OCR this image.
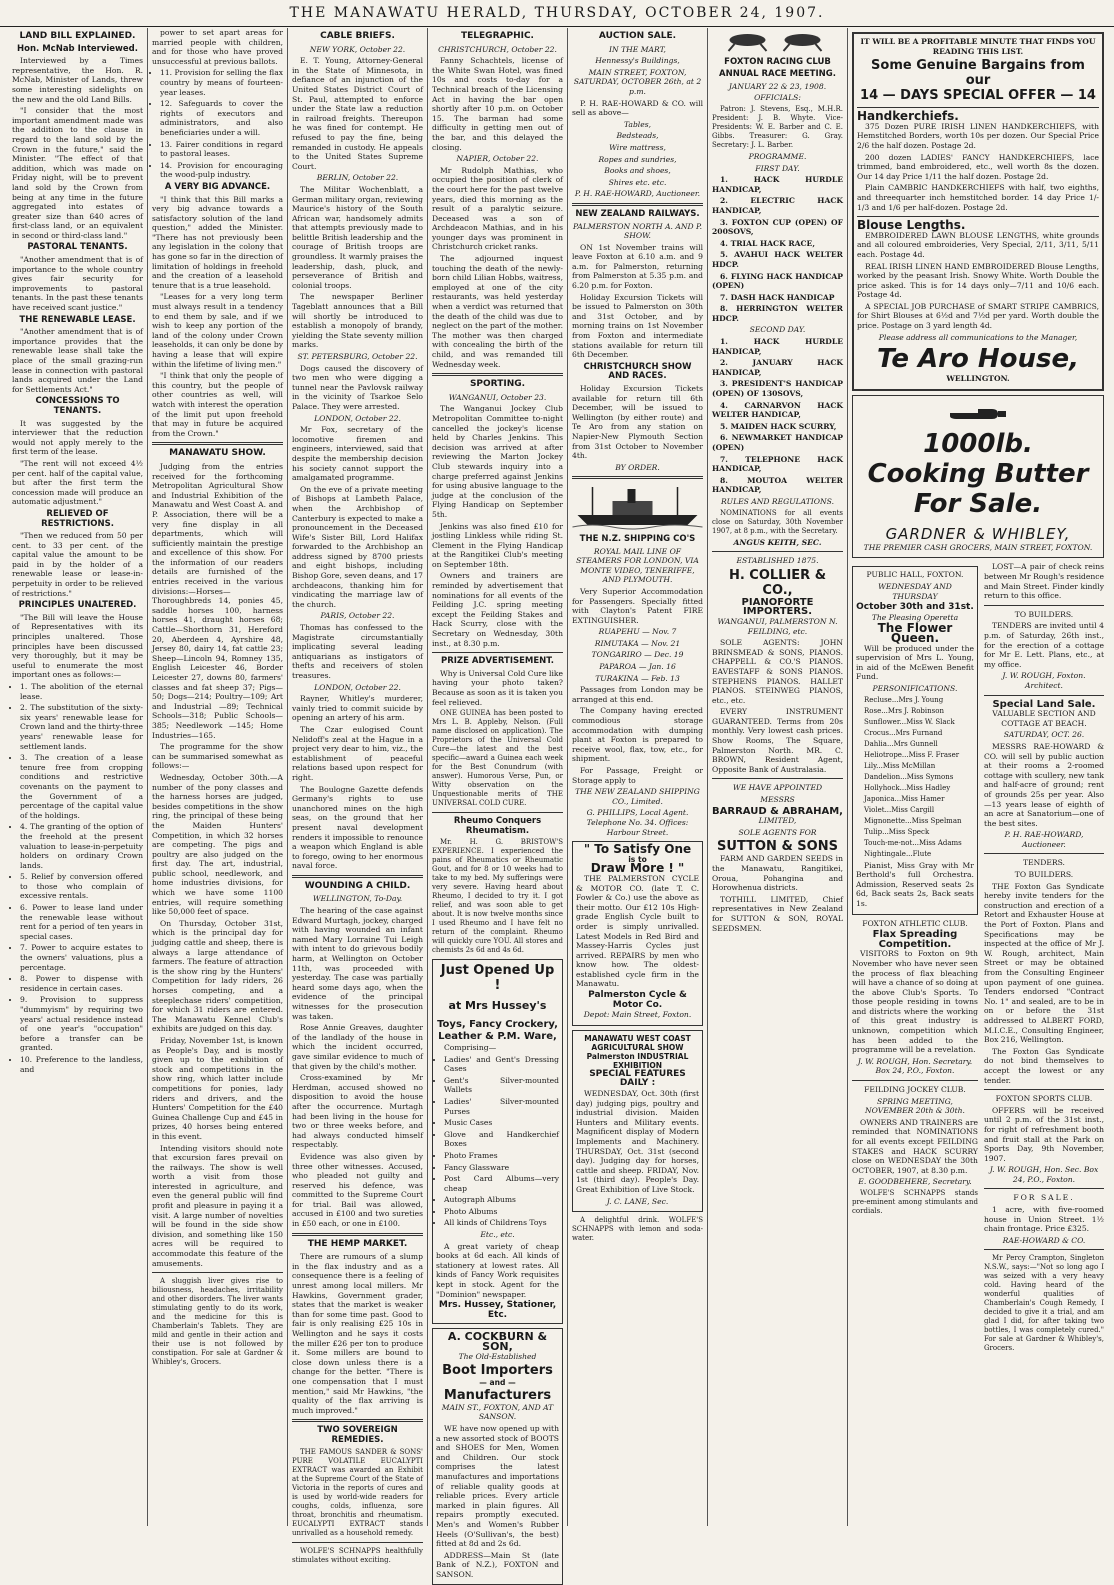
THE MANAWATU HERALD, THURSDAY, OCTOBER 24, 1907.
LAND BILL EXPLAINED.
Hon. McNab Interviewed.

Interviewed by a Times representative, the Hon. R. McNab, Minister of Lands, threw some interesting sidelights on the new and the old Land Bills.

"I consider that the most important amendment made was the addition to the clause in regard to the land sold by the Crown in the future," said the Minister. "The effect of that addition, which was made on Friday night, will be to prevent land sold by the Crown from being at any time in the future aggregated into estates of greater size than 640 acres of first-class land, or an equivalent in second or third-class land."

PASTORAL TENANTS.

"Another amendment that is of importance to the whole country gives fair security for improvements to pastoral tenants. In the past these tenants have received scant justice."

THE RENEWABLE LEASE.

"Another amendment that is of importance provides that the renewable lease shall take the place of the small grazing-run lease in connection with pastoral lands acquired under the Land for Settlements Act."

CONCESSIONS TO TENANTS.

It was suggested by the interviewer that the reduction would not apply merely to the first term of the lease.

"The rent will not exceed 4½ per cent. half of the capital value, but after the first term the concession made will produce an automatic adjustment."

RELIEVED OF RESTRICTIONS.

"Then we reduced from 50 per cent. to 33 per cent. of the capital value the amount to be paid in by the holder of a renewable lease or lease-in-perpetuity in order to be relieved of restrictions."

PRINCIPLES UNALTERED.

"The Bill will leave the House of Representatives with its principles unaltered. Those principles have been discussed very thoroughly, but it may be useful to enumerate the most important ones as follows:—

• 1. The abolition of the eternal lease.
• 2. The substitution of the sixty-six years' renewable lease for Crown land and the thirty-three years' renewable lease for settlement lands.
• 3. The creation of a lease tenure free from cropping conditions and restrictive covenants on the payment to the Government of a percentage of the capital value of the holdings.
• 4. The granting of the option of the freehold at the present valuation to lease-in-perpetuity holders on ordinary Crown lands.
• 5. Relief by conversion offered to those who complain of excessive rentals.
• 6. Power to lease land under the renewable lease without rent for a period of ten years in special cases.
• 7. Power to acquire estates to the owners' valuations, plus a percentage.
• 8. Power to dispense with residence in certain cases.
• 9. Provision to suppress "dummyism" by requiring two years' actual residence instead of one year's "occupation" before a transfer can be granted.
• 10. Preference to the landless, and

power to set apart areas for married people with children, and for those who have proved unsuccessful at previous ballots.

• 11. Provision for selling the flax country by means of fourteen-year leases.
• 12. Safeguards to cover the rights of executors and administrators, and also beneficiaries under a will.
• 13. Fairer conditions in regard to pastoral leases.
• 14. Provision for encouraging the wood-pulp industry.
A VERY BIG ADVANCE.

"I think that this Bill marks a very big advance towards a satisfactory solution of the land question," added the Minister. "There has not previously been any legislation in the colony that has gone so far in the direction of limitation of holdings in freehold and the creation of a leasehold tenure that is a true leasehold.

"Leases for a very long term must always result in a tendency to end them by sale, and if we wish to keep any portion of the land of the colony under Crown leaseholds, it can only be done by having a lease that will expire within the lifetime of living men."

"I think that only the people of this country, but the people of other countries as well, will watch with interest the operation of the limit put upon freehold that may in future be acquired from the Crown."

MANAWATU SHOW.

Judging from the entries received for the forthcoming Metropolitan Agricultural Show and Industrial Exhibition of the Manawatu and West Coast A. and P. Association, there will be a very fine display in all departments, which will sufficiently maintain the prestige and excellence of this show. For the information of our readers details are furnished of the entries received in the various divisions:—Horses—Thoroughbreds 14, ponies 45, saddle horses 100, harness horses 41, draught horses 68; Cattle—Shorthorn 31, Hereford 20, Aberdeen 4, Ayrshire 48, Jersey 80, dairy 14, fat cattle 23; Sheep—Lincoln 94, Romney 135, English Leicester 46, Border Leicester 27, downs 80, farmers' classes and fat sheep 37; Pigs—50; Dogs—214; Poultry—109; Art and Industrial —89; Technical Schools—318; Public Schools—385; Needlework —145; Home Industries—165.

The programme for the show can be summarised somewhat as follows:—

Wednesday, October 30th.—A number of the pony classes and the harness horses are judged, besides competitions in the show ring, the principal of these being the Maiden Hunters' Competition, in which 32 horses are competing. The pigs and poultry are also judged on the first day. The art, industrial, public school, needlework, and home industries divisions, for which we have some 1100 entries, will require something like 50,000 feet of space.

On Thursday, October 31st, which is the principal day for judging cattle and sheep, there is always a large attendance of farmers. The feature of attraction is the show ring by the Hunters' Competition for lady riders, 26 horses competing, and a steeplechase riders' competition, for which 31 riders are entered. The Manawatu Kennel Club's exhibits are judged on this day.

Friday, November 1st, is known as People's Day, and is mostly given up to the exhibition of stock and competitions in the show ring, which latter include competitions for ponies, lady riders and drivers, and the Hunters' Competition for the £40 Guinea Challenge Cup and £45 in prizes, 40 horses being entered in this event.

Intending visitors should note that excursion fares prevail on the railways. The show is well worth a visit from those interested in agriculture, and even the general public will find profit and pleasure in paying it a visit. A large number of novelties will be found in the side show division, and something like 150 acres will be required to accommodate this feature of the amusements.

A sluggish liver gives rise to biliousness, headaches, irritability and other disorders. The liver wants stimulating gently to do its work, and the medicine for this is Chamberlain's Tablets. They are mild and gentle in their action and their use is not followed by constipation. For sale at Gardner & Whibley's, Grocers.

CABLE BRIEFS.

NEW YORK, October 22.

E. T. Young, Attorney-General in the State of Minnesota, in defiance of an injunction of the United States District Court of St. Paul, attempted to enforce under the State law a reduction in railroad freights. Thereupon he was fined for contempt. He refused to pay the fine, being remanded in custody. He appeals to the United States Supreme Court.

BERLIN, October 22.

The Militar Wochenblatt, a German military organ, reviewing Maurice's history of the South African war, handsomely admits that attempts previously made to belittle British leadership and the courage of British troops are groundless. It warmly praises the leadership, dash, pluck, and perseverance of British and colonial troops.

The newspaper Berliner Tageblatt announces that a Bill will shortly be introduced to establish a monopoly of brandy, yielding the State seventy million marks.

ST. PETERSBURG, October 22.

Dogs caused the discovery of two men who were digging a tunnel near the Pavlovsk railway in the vicinity of Tsarkoe Selo Palace. They were arrested.

LONDON, October 22.

Mr Fox, secretary of the locomotive firemen and engineers, interviewed, said that despite the membership decision his society cannot support the amalgamated programme.

On the eve of a private meeting of Bishops at Lambeth Palace, when the Archbishop of Canterbury is expected to make a pronouncement in the Deceased Wife's Sister Bill, Lord Halifax forwarded to the Archbishop an address signed by 8700 priests and eight bishops, including Bishop Gore, seven deans, and 17 archdeacons, thanking him for vindicating the marriage law of the church.

PARIS, October 22.

Thomas has confessed to the Magistrate circumstantially implicating several leading antiquarians as instigators of thefts and receivers of stolen treasures.

LONDON, October 22.

Rayner, Whitley's murderer, vainly tried to commit suicide by opening an artery of his arm.

The Czar eulogised Count Nelidoff's zeal at the Hague in a project very dear to him, viz., the establishment of peaceful relations based upon respect for right.

The Boulogne Gazette defends Germany's rights to use unanchored mines on the high seas, on the ground that her present naval development renders it impossible to renounce a weapon which England is able to forego, owing to her enormous naval force.

WOUNDING A CHILD.

WELLINGTON, To-Day.

The hearing of the case against Edward Murtagh, jockey, charged with having wounded an infant named Mary Lorraine Tui Leigh with intent to do grievous bodily harm, at Wellington on October 11th, was proceeded with yesterday. The case was partially heard some days ago, when the evidence of the principal witnesses for the prosecution was taken.

Rose Annie Greaves, daughter of the landlady of the house in which the incident occurred, gave similar evidence to much of that given by the child's mother.

Cross-examined by Mr Herdman, accused showed no disposition to avoid the house after the occurrence. Murtagh had been living in the house for two or three weeks before, and had always conducted himself respectably.

Evidence was also given by three other witnesses. Accused, who pleaded not guilty and reserved his defence, was committed to the Supreme Court for trial. Bail was allowed, accused in £100 and two sureties in £50 each, or one in £100.

THE HEMP MARKET.

There are rumours of a slump in the flax industry and as a consequence there is a feeling of unrest among local millers. Mr Hawkins, Government grader, states that the market is weaker than for some time past. Good to fair is only realising £25 10s in Wellington and he says it costs the miller £26 per ton to produce it. Some millers are bound to close down unless there is a change for the better. "There is one compensation that I must mention," said Mr Hawkins, "the quality of the flax arriving is much improved."

TWO SOVEREIGN REMEDIES.

THE FAMOUS SANDER & SONS' PURE VOLATILE EUCALYPTI EXTRACT was awarded an Exhibit at the Supreme Court of the State of Victoria in the reports of cures and is used by world-wide readers for coughs, colds, influenza, sore throat, bronchitis and rheumatism. EUCALYPTI EXTRACT stands unrivalled as a household remedy.

WOLFE'S SCHNAPPS healthfully stimulates without exciting.

TELEGRAPHIC.

CHRISTCHURCH, October 22.

Fanny Schachtels, license of the White Swan Hotel, was fined 10s and costs to-day for a Technical breach of the Licensing Act in having the bar open shortly after 10 p.m. on October 15. The barman had some difficulty in getting men out of the bar, and this delayed the closing.

NAPIER, October 22.

Mr Rudolph Mathias, who occupied the position of clerk of the court here for the past twelve years, died this morning as the result of a paralytic seizure. Deceased was a son of Archdeacon Mathias, and in his younger days was prominent in Christchurch cricket ranks.

The adjourned inquest touching the death of the newly-born child Lilian Hobbs, waitress, employed at one of the city restaurants, was held yesterday when a verdict was returned that the death of the child was due to neglect on the part of the mother. The mother was then charged with concealing the birth of the child, and was remanded till Wednesday week.

SPORTING.

WANGANUI, October 23.

The Wanganui Jockey Club Metropolitan Committee to-night cancelled the jockey's license held by Charles Jenkins. This decision was arrived at after reviewing the Marton Jockey Club stewards inquiry into a charge preferred against Jenkins for using abusive language to the judge at the conclusion of the Flying Handicap on September 5th.

Jenkins was also fined £10 for jostling Linkless while riding St. Clement in the Flying Handicap at the Rangitikei Club's meeting on September 18th.

Owners and trainers are reminded by advertisement that nominations for all events of the Feilding J.C. spring meeting except the Feilding Stakes and Hack Scurry, close with the Secretary on Wednesday, 30th inst., at 8.30 p.m.

PRIZE ADVERTISEMENT.

Why is Universal Cold Cure like having your photo taken? Because as soon as it is taken you feel relieved.

ONE GUINEA has been posted to Mrs L. B. Appleby, Nelson. (Full name disclosed on application). The Proprietors of the Universal Cold Cure—the latest and the best specific—award a Guinea each week for the Best Conundrum (with answer). Humorous Verse, Pun, or Witty observation on the Unquestionable merits of THE UNIVERSAL COLD CURE.

Rheumo Conquers Rheumatism.

Mr. H. G. BRISTOW'S EXPERIENCE. I experienced the pains of Rheumatics or Rheumatic Gout, and for 8 or 10 weeks had to take to my bed. My sufferings were very severe. Having heard about Rheumo, I decided to try it. I got relief, and was soon able to get about. It is now twelve months since I used Rheumo and I have felt no return of the complaint. Rheumo will quickly cure YOU. All stores and chemists 2s 6d and 4s 6d.

Just Opened Up !
at Mrs Hussey's
Toys, Fancy Crockery, Leather & P.M. Ware,

Comprising—

• Ladies' and Gent's Dressing Cases
• Gent's Silver-mounted Wallets
• Ladies' Silver-mounted Purses
• Music Cases
• Glove and Handkerchief Boxes
• Photo Frames
• Fancy Glassware
• Post Card Albums—very cheap
• Autograph Albums
• Photo Albums
• All kinds of Childrens Toys

Etc., etc.

A great variety of cheap books at 6d each. All kinds of stationery at lowest rates. All kinds of Fancy Work requisites kept in stock. Agent for the "Dominion" newspaper.

Mrs. Hussey, Stationer, Etc.
A. COCKBURN & SON,

The Old-Established

Boot Importers
— and —
Manufacturers

MAIN ST., FOXTON, AND AT SANSON.

WE have now opened up with a new assorted stock of BOOTS and SHOES for Men, Women and Children. Our stock comprises the latest manufactures and importations of reliable quality goods at reliable prices. Every article marked in plain figures. All repairs promptly executed. Men's and Women's Rubber Heels (O'Sullivan's, the best) fitted at 8d and 2s 6d.

ADDRESS—Main St (late Bank of N.Z.), FOXTON and SANSON.

AUCTION SALE.

IN THE MART,

Hennessy's Buildings,

MAIN STREET, FOXTON, SATURDAY, OCTOBER 26th, at 2 p.m.

P. H. RAE-HOWARD & CO. will sell as above—

Tables,

Bedsteads,

Wire mattress,

Ropes and sundries,

Books and shoes,

Shires etc. etc.

P. H. RAE-HOWARD, Auctioneer.

NEW ZEALAND RAILWAYS.

PALMERSTON NORTH A. AND P. SHOW.

ON 1st November trains will leave Foxton at 6.10 a.m. and 9 a.m. for Palmerston, returning from Palmerston at 5.35 p.m. and 6.20 p.m. for Foxton.

Holiday Excursion Tickets will be issued to Palmerston on 30th and 31st October, and by morning trains on 1st November from Foxton and intermediate stations available for return till 6th December.

CHRISTCHURCH SHOW AND RACES.

Holiday Excursion Tickets available for return till 6th December, will be issued to Wellington (by either route) and Te Aro from any station on Napier-New Plymouth Section from 31st October to November 4th.

BY ORDER.

THE N.Z. SHIPPING CO'S

ROYAL MAIL LINE OF STEAMERS FOR LONDON, VIA MONTE VIDEO, TENERIFFE, AND PLYMOUTH.

Very Superior Accommodation for Passengers. Specially fitted with Clayton's Patent FIRE EXTINGUISHER.

RUAPEHU — Nov. 7

RIMUTAKA — Nov. 21

TONGARIRO — Dec. 19

PAPAROA — Jan. 16

TURAKINA — Feb. 13

Passages from London may be arranged at this end.

The Company having erected commodious storage accommodation with dumping plant at Foxton is prepared to receive wool, flax, tow, etc., for shipment.

For Passage, Freight or Storage apply to

THE NEW ZEALAND SHIPPING CO., Limited.

G. PHILLIPS, Local Agent. Telephone No. 34. Offices: Harbour Street.

" To Satisfy One
is to
Draw More ! "

THE PALMERSTON CYCLE & MOTOR CO. (late T. C. Fowler & Co.) use the above as their motto. Our £12 10s High-grade English Cycle built to order is simply unrivalled. Latest Models in Red Bird and Massey-Harris Cycles just arrived. REPAIRS by men who know how. The oldest-established cycle firm in the Manawatu.

Palmerston Cycle & Motor Co.

Depot: Main Street, Foxton.

MANAWATU WEST COAST AGRICULTURAL SHOW Palmerston INDUSTRIAL EXHIBITION
SPECIAL FEATURES DAILY :

WEDNESDAY, Oct. 30th (first day) judging pigs, poultry and industrial division. Maiden Hunters and Military events. Magnificent display of Modern Implements and Machinery. THURSDAY, Oct. 31st (second day). Judging day for horses, cattle and sheep. FRIDAY, Nov. 1st (third day). People's Day. Great Exhibition of Live Stock.

J. C. LANE, Sec.

A delightful drink. WOLFE'S SCHNAPPS with lemon and soda-water.

FOXTON RACING CLUB
ANNUAL RACE MEETING.

JANUARY 22 & 23, 1908.

OFFICIALS:

Patron: J. Stevens, Esq., M.H.R. President: J. B. Whyte. Vice-Presidents: W. E. Barber and C. E. Gibbs. Treasurer: G. Gray. Secretary: J. L. Barber.

PROGRAMME.

FIRST DAY.

1. HACK HURDLE HANDICAP,

2. ELECTRIC HACK HANDICAP,

3. FOXTON CUP (OPEN) OF 200SOVS,

4. TRIAL HACK RACE,

5. AVAHUI HACK WELTER HDCP.

6. FLYING HACK HANDICAP (OPEN)

7. DASH HACK HANDICAP

8. HERRINGTON WELTER HDCP.

SECOND DAY.

1. HACK HURDLE HANDICAP,

2. JANUARY HACK HANDICAP,

3. PRESIDENT'S HANDICAP (OPEN) OF 130SOVS,

4. CARNARVON HACK WELTER HANDICAP,

5. MAIDEN HACK SCURRY,

6. NEWMARKET HANDICAP (OPEN)

7. TELEPHONE HACK HANDICAP,

8. MOUTOA WELTER HANDICAP,

RULES AND REGULATIONS.

NOMINATIONS for all events close on Saturday, 30th November 1907, at 8 p.m., with the Secretary.

ANGUS KEITH, SEC.

ESTABLISHED 1875.

H. COLLIER & CO.,
PIANOFORTE IMPORTERS.

WANGANUI, PALMERSTON N. FEILDING, etc.

SOLE AGENTS: JOHN BRINSMEAD & SONS, PIANOS. CHAPPELL & CO.'S PIANOS. EAVESTAFF & SONS PIANOS. STEPHENS PIANOS. HALLET PIANOS. STEINWEG PIANOS, etc., etc.

EVERY INSTRUMENT GUARANTEED. Terms from 20s monthly. Very lowest cash prices. Show Rooms, The Square, Palmerston North. MR. C. BROWN, Resident Agent, Opposite Bank of Australasia.

WE HAVE APPOINTED

MESSRS

BARRAUD & ABRAHAM,

LIMITED,

SOLE AGENTS FOR

SUTTON & SONS

FARM AND GARDEN SEEDS in the Manawatu, Rangitikei, Oroua, Pohangina and Horowhenua districts.

TOTHILL LIMITED, Chief representatives in New Zealand for SUTTON & SON, ROYAL SEEDSMEN.

IT WILL BE A PROFITABLE MINUTE THAT FINDS YOU READING THIS LIST.

Some Genuine Bargains from our
14 — DAYS SPECIAL OFFER — 14
Handkerchiefs.

375 Dozen PURE IRISH LINEN HANDKERCHIEFS, with Hemstitched Borders, worth 10s per dozen. Our Special Price 2/6 the half dozen. Postage 2d.

200 dozen LADIES' FANCY HANDKERCHIEFS, lace trimmed, band embroidered, etc., well worth 8s the dozen. Our 14 day Price 1/11 the half dozen. Postage 2d.

Plain CAMBRIC HANDKERCHIEFS with half, two eighths, and threequarter inch hemstitched border. 14 day Price 1/- 1/3 and 1/6 per half-dozen. Postage 2d.

Blouse Lengths.

EMBROIDERED LAWN BLOUSE LENGTHS, white grounds and all coloured embroideries, Very Special, 2/11, 3/11, 5/11 each. Postage 4d.

REAL IRISH LINEN HAND EMBROIDERED Blouse Lengths, worked by the peasant Irish. Snowy White. Worth Double the price asked. This is for 14 days only—7/11 and 10/6 each. Postage 4d.

A SPECIAL JOB PURCHASE of SMART STRIPE CAMBRICS, for Shirt Blouses at 6½d and 7½d per yard. Worth double the price. Postage on 3 yard length 4d.

Please address all communications to the Manager,

Te Aro House,

WELLINGTON.

1000lb.
Cooking Butter
For Sale.
GARDNER & WHIBLEY,

THE PREMIER CASH GROCERS, MAIN STREET, FOXTON.

PUBLIC HALL, FOXTON.

WEDNESDAY AND THURSDAY

October 30th and 31st.

The Pleasing Operetta

The Flower Queen.

Will be produced under the supervision of Mrs L. Young, in aid of the McEwen Benefit Fund.

PERSONIFICATIONS.

Recluse...Mrs J. Young

Rose...Mrs J. Robinson

Sunflower...Miss W. Slack

Crocus...Mrs Furnand

Dahlia...Mrs Gunnell

Heliotrope...Miss F. Fraser

Lily...Miss McMillan

Dandelion...Miss Symons

Hollyhock...Miss Hadley

Japonica...Miss Hamer

Violet...Miss Cargill

Mignonette...Miss Spelman

Tulip...Miss Speck

Touch-me-not...Miss Adams

Nightingale...Flute

Pianist, Miss Gray with Mr Berthold's full Orchestra. Admission, Reserved seats 2s 6d, Back seats 2s, Back seats 1s.

FOXTON ATHLETIC CLUB.

Flax Spreading Competition.

VISITORS to Foxton on 9th November who have never seen the process of flax bleaching will have a chance of so doing at the above Club's Sports. To those people residing in towns and districts where the working of this great industry is unknown, competition which has been added to the programme will be a revelation.

J. W. ROUGH, Hon. Secretary. Box 24, P.O., Foxton.

FEILDING JOCKEY CLUB.

SPRING MEETING, NOVEMBER 20th & 30th.

OWNERS AND TRAINERS are reminded that NOMINATIONS for all events except FEILDING STAKES and HACK SCURRY close on WEDNESDAY the 30th OCTOBER, 1907, at 8.30 p.m.

E. GOODBEHERE, Secretary.

WOLFE'S SCHNAPPS stands pre-eminent among stimulants and cordials.

LOST—A pair of check reins between Mr Rough's residence and Main Street. Finder kindly return to this office.

TO BUILDERS.

TENDERS are invited until 4 p.m. of Saturday, 26th inst., for the erection of a cottage for Mr E. Lett. Plans, etc., at my office.

J. W. ROUGH, Foxton. Architect.

Special Land Sale.

VALUABLE SECTION AND COTTAGE AT BEACH.

SATURDAY, OCT. 26.

MESSRS RAE-HOWARD & CO. will sell by public auction at their rooms a 2-roomed cottage with scullery, new tank and half-acre of ground; rent of grounds 25s per year. Also—13 years lease of eighth of an acre at Sanatorium—one of the best sites.

P. H. RAE-HOWARD, Auctioneer.

TENDERS.

TO BUILDERS.

THE Foxton Gas Syndicate hereby invite tenders for the construction and erection of a Retort and Exhauster House at the Port of Foxton. Plans and Specifications may be inspected at the office of Mr J. W. Rough, architect, Main Street or may be obtained from the Consulting Engineer upon payment of one guinea. Tenders endorsed "Contract No. 1" and sealed, are to be in on or before the 31st addressed to ALBERT FORD, M.I.C.E., Consulting Engineer, Box 216, Wellington.

The Foxton Gas Syndicate do not bind themselves to accept the lowest or any tender.

FOXTON SPORTS CLUB.

OFFERS will be received until 2 p.m. of the 31st inst., for right of refreshment booth and fruit stall at the Park on Sports Day, 9th November, 1907.

J. W. ROUGH, Hon. Sec. Box 24, P.O., Foxton.

FOR SALE.

1 acre, with five-roomed house in Union Street. 1½ chain frontage. Price £325.

RAE-HOWARD & CO.

Mr Percy Crampton, Singleton N.S.W., says:—"Not so long ago I was seized with a very heavy cold. Having heard of the wonderful qualities of Chamberlain's Cough Remedy, I decided to give it a trial, and am glad I did, for after taking two bottles, I was completely cured." For sale at Gardner & Whibley's, Grocers.
